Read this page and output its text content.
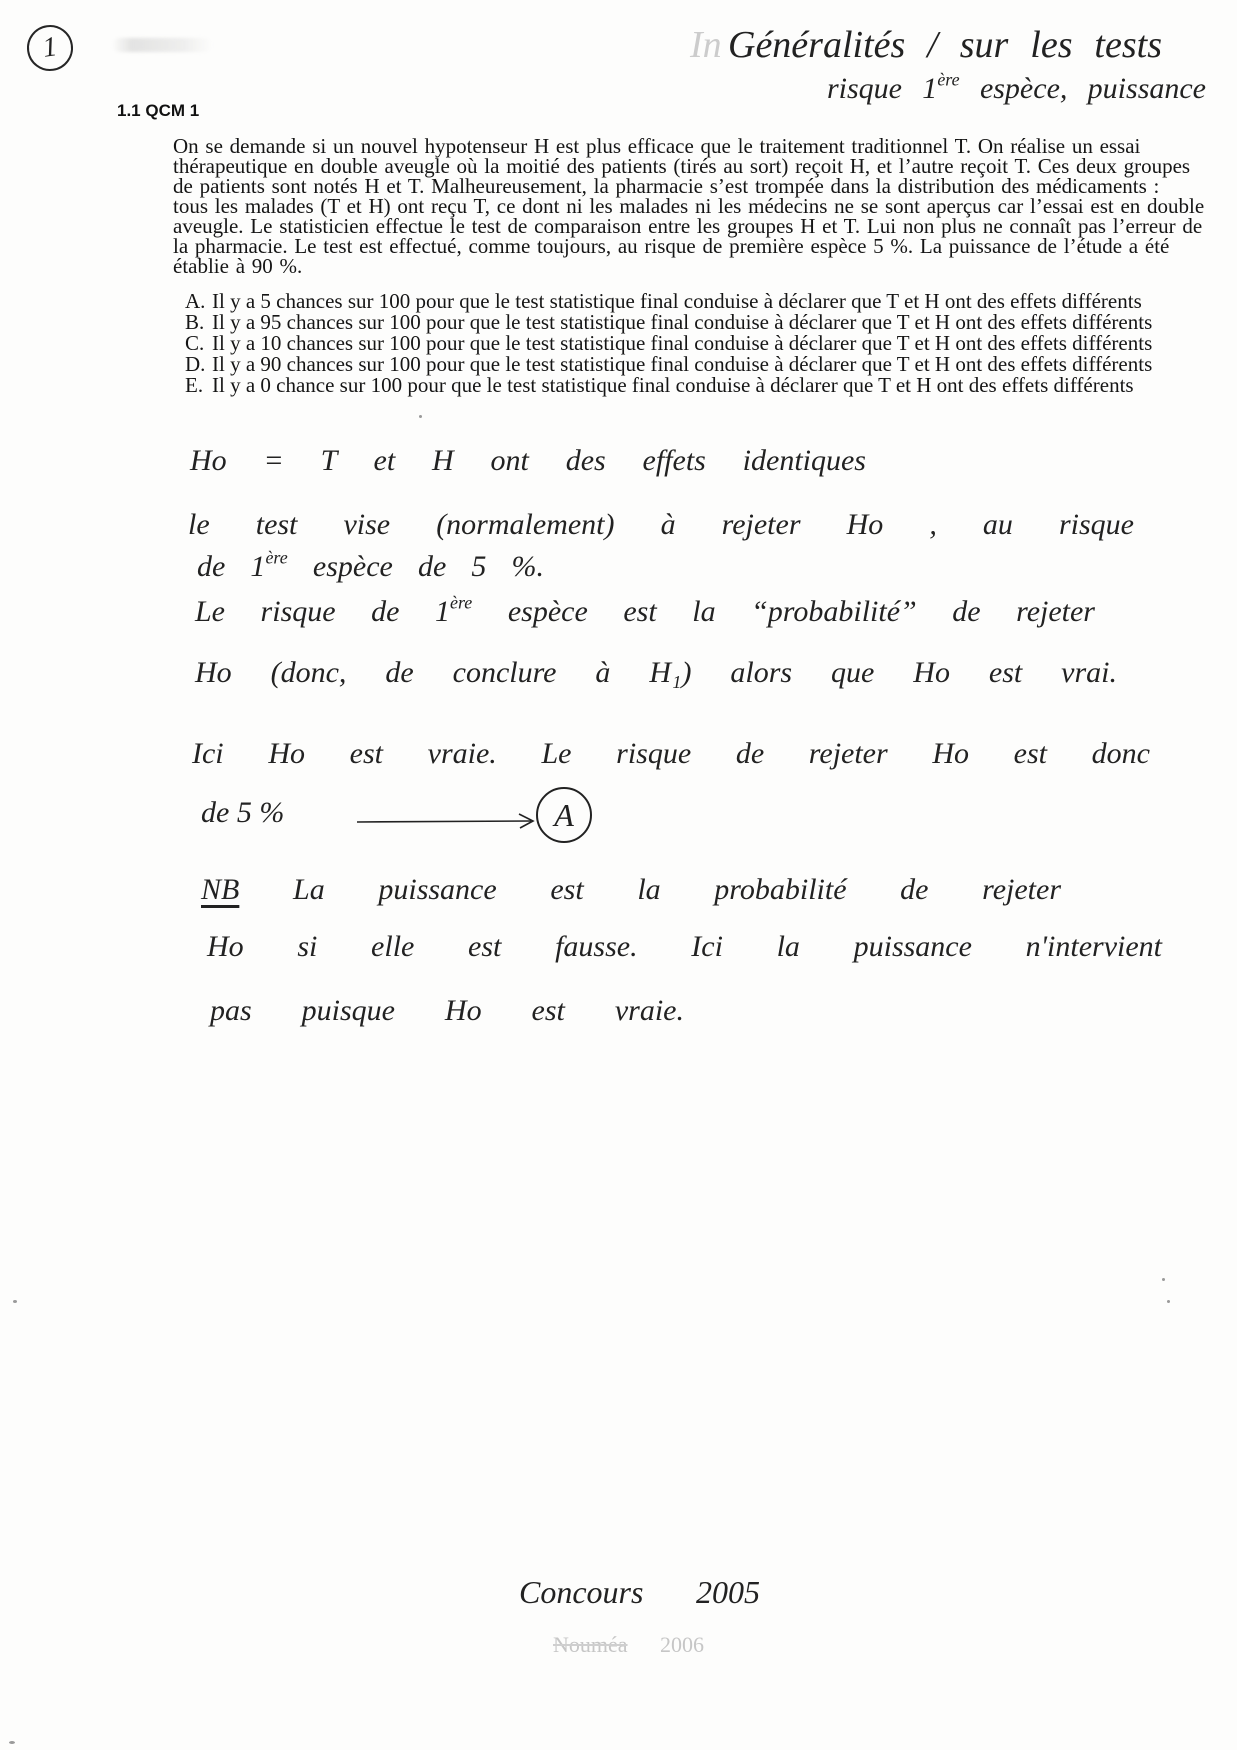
1	In Généralités / sur les tests
risque 1ère espèce, puissance
1.1 QCM 1
On se demande si un nouvel hypotenseur H est plus efficace que le traitement traditionnel T. On réalise un essai
thérapeutique en double aveugle où la moitié des patients (tirés au sort) reçoit H, et l’autre reçoit T. Ces deux groupes
de patients sont notés H et T. Malheureusement, la pharmacie s’est trompée dans la distribution des médicaments :
tous les malades (T et H) ont reçu T, ce dont ni les malades ni les médecins ne se sont aperçus car l’essai est en double
aveugle. Le statisticien effectue le test de comparaison entre les groupes H et T. Lui non plus ne connaît pas l’erreur de
la pharmacie. Le test est effectué, comme toujours, au risque de première espèce 5 %. La puissance de l’étude a été
établie à 90 %.
A. Il y a 5 chances sur 100 pour que le test statistique final conduise à déclarer que T et H ont des effets différents
B. Il y a 95 chances sur 100 pour que le test statistique final conduise à déclarer que T et H ont des effets différents
C. Il y a 10 chances sur 100 pour que le test statistique final conduise à déclarer que T et H ont des effets différents
D. Il y a 90 chances sur 100 pour que le test statistique final conduise à déclarer que T et H ont des effets différents
E. Il y a 0 chance sur 100 pour que le test statistique final conduise à déclarer que T et H ont des effets différents
Ho = T et H ont des effets identiques
le test vise (normalement) à rejeter Ho , au risque
de 1ère espèce de 5 %.
Le risque de 1ère espèce est la “probabilité” de rejeter
Ho (donc, de conclure à H₁) alors que Ho est vrai.
Ici Ho est vraie. Le risque de rejeter Ho est donc
de 5 %	A
NB La puissance est la probabilité de rejeter
Ho si elle est fausse. Ici la puissance n'intervient
pas puisque Ho est vraie.
Concours 2005
Nouméa 2006
